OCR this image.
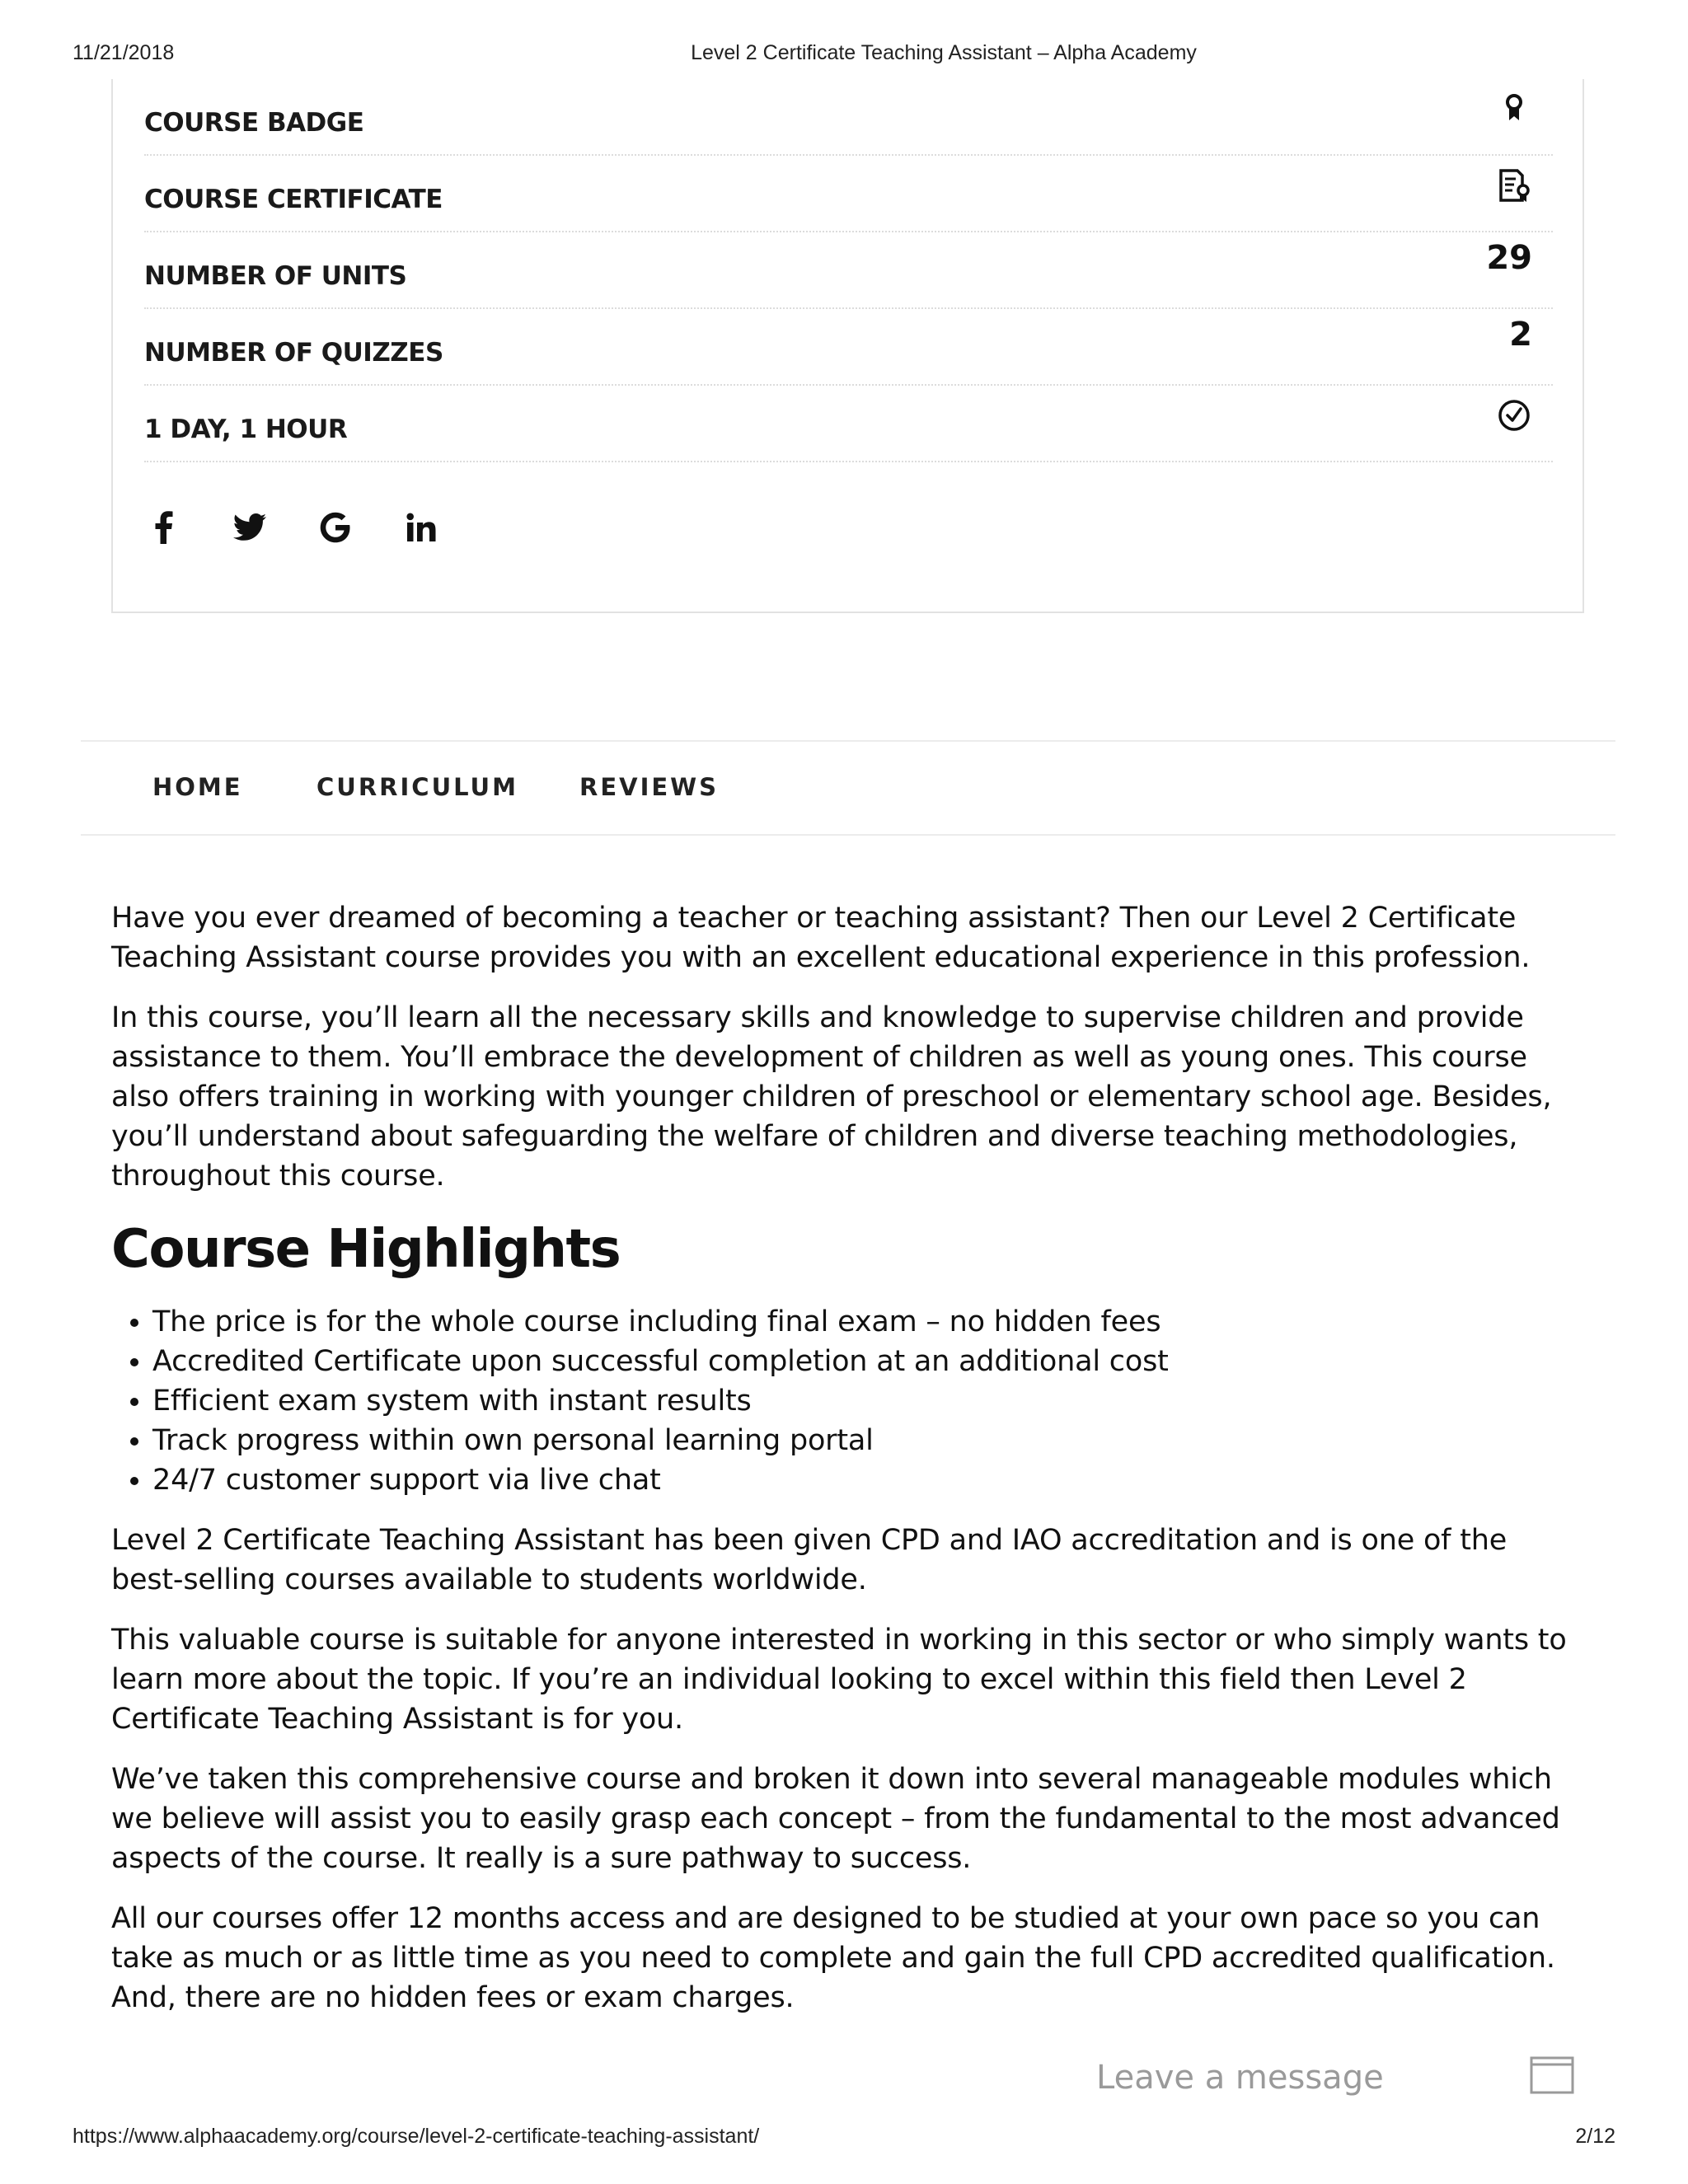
11/21/2018	Level 2 Certificate Teaching Assistant – Alpha Academy
COURSE BADGE
COURSE CERTIFICATE
NUMBER OF UNITS	29
NUMBER OF QUIZZES	2
1 DAY, 1 HOUR
HOME	CURRICULUM	REVIEWS

Have you ever dreamed of becoming a teacher or teaching assistant? Then our Level 2 Certificate Teaching Assistant course provides you with an excellent educational experience in this profession.

In this course, you’ll learn all the necessary skills and knowledge to supervise children and provide assistance to them. You’ll embrace the development of children as well as young ones. This course also offers training in working with younger children of preschool or elementary school age. Besides, you’ll understand about safeguarding the welfare of children and diverse teaching methodologies, throughout this course.

Course Highlights
• The price is for the whole course including final exam – no hidden fees
• Accredited Certificate upon successful completion at an additional cost
• Efficient exam system with instant results
• Track progress within own personal learning portal
• 24/7 customer support via live chat

Level 2 Certificate Teaching Assistant has been given CPD and IAO accreditation and is one of the best-selling courses available to students worldwide.

This valuable course is suitable for anyone interested in working in this sector or who simply wants to learn more about the topic. If you’re an individual looking to excel within this field then Level 2 Certificate Teaching Assistant is for you.

We’ve taken this comprehensive course and broken it down into several manageable modules which we believe will assist you to easily grasp each concept – from the fundamental to the most advanced aspects of the course. It really is a sure pathway to success.

All our courses offer 12 months access and are designed to be studied at your own pace so you can take as much or as little time as you need to complete and gain the full CPD accredited qualification. And, there are no hidden fees or exam charges.

Leave a message
https://www.alphaacademy.org/course/level-2-certificate-teaching-assistant/	2/12
